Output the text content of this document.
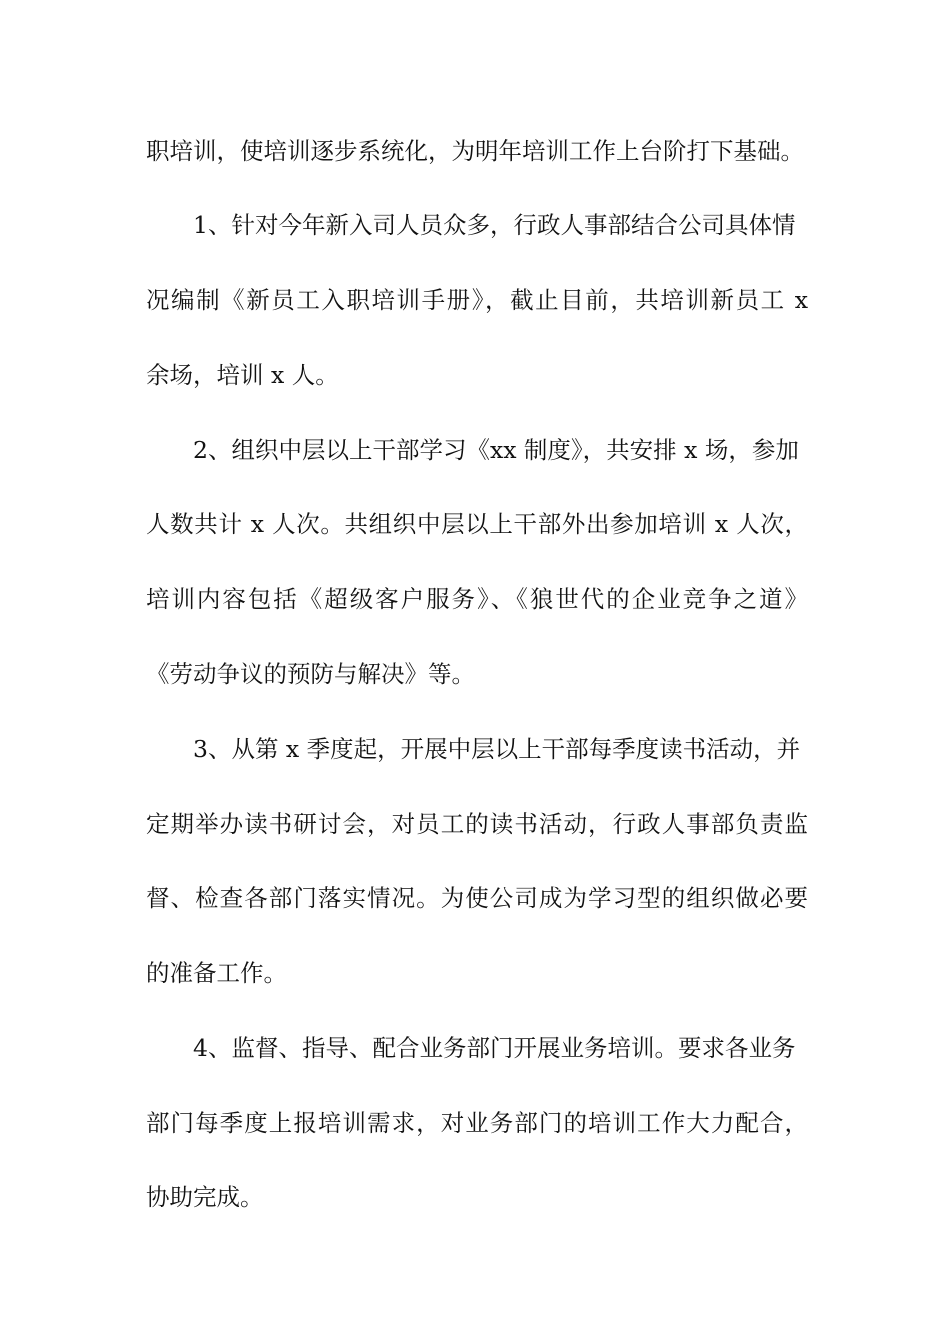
职培训，使培训逐步系统化，为明年培训工作上台阶打下基础。
1、针对今年新入司人员众多，行政人事部结合公司具体情
况编制《新员工入职培训手册》，截止目前，共培训新员工 x
余场，培训 x 人。
2、组织中层以上干部学习《xx 制度》，共安排 x 场，参加
人数共计 x 人次。共组织中层以上干部外出参加培训 x 人次，
培训内容包括《超级客户服务》、《狼世代的企业竞争之道》
《劳动争议的预防与解决》等。
3、从第 x 季度起，开展中层以上干部每季度读书活动，并
定期举办读书研讨会，对员工的读书活动，行政人事部负责监
督、检查各部门落实情况。为使公司成为学习型的组织做必要
的准备工作。
4、监督、指导、配合业务部门开展业务培训。要求各业务
部门每季度上报培训需求，对业务部门的培训工作大力配合，
协助完成。
